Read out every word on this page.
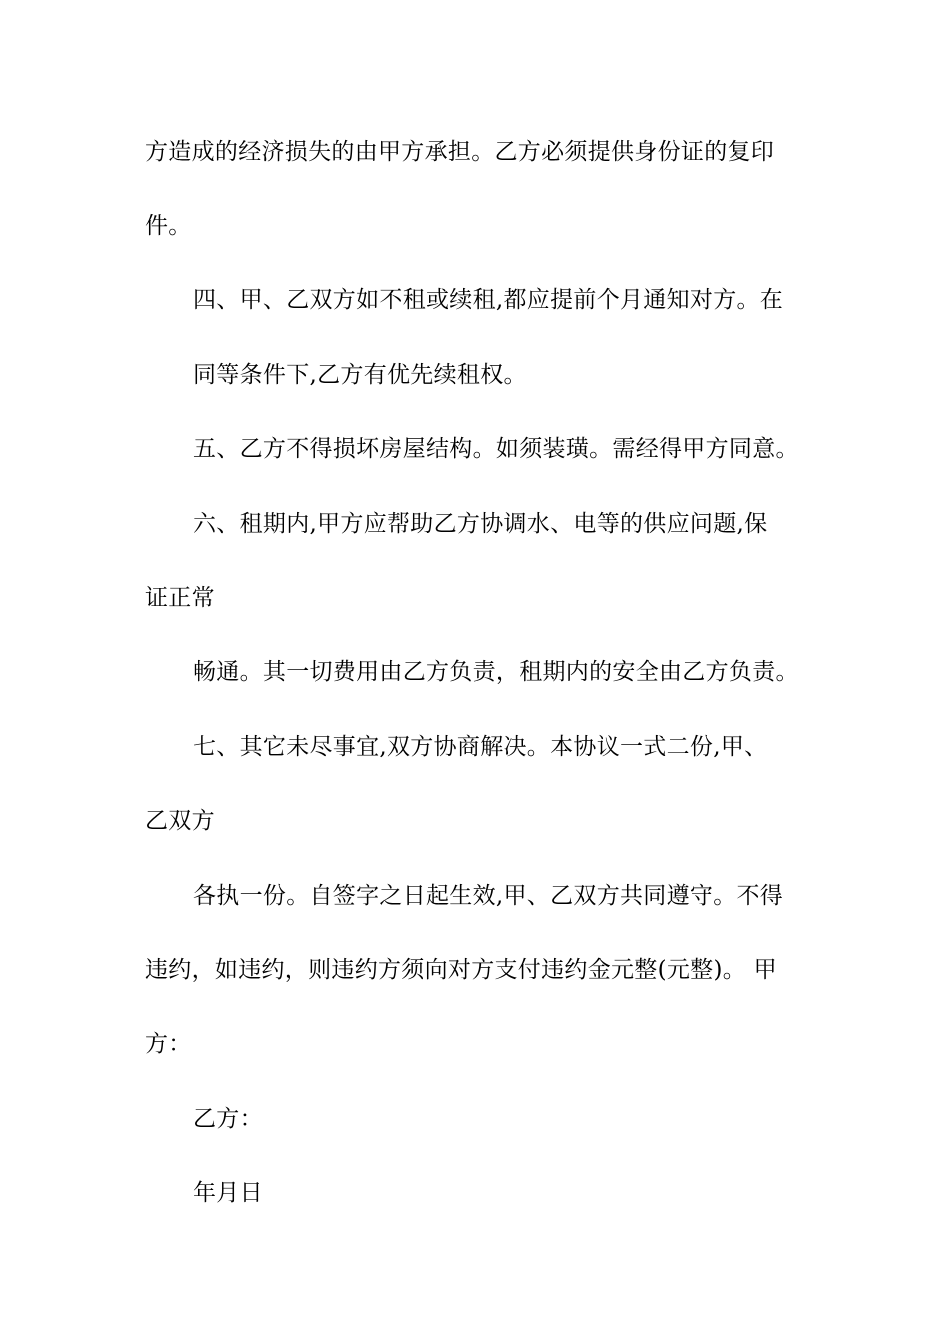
方造成的经济损失的由甲方承担。乙方必须提供身份证的复印
件。
四、甲、乙双方如不租或续租,都应提前个月通知对方。在
同等条件下,乙方有优先续租权。
五、乙方不得损坏房屋结构。如须装璜。需经得甲方同意。
六、租期内,甲方应帮助乙方协调水、电等的供应问题,保
证正常
畅通。其一切费用由乙方负责，租期内的安全由乙方负责。
七、其它未尽事宜,双方协商解决。本协议一式二份,甲、
乙双方
各执一份。自签字之日起生效,甲、乙双方共同遵守。不得
违约，如违约，则违约方须向对方支付违约金元整(元整)。 甲
方：
乙方：
年月日
